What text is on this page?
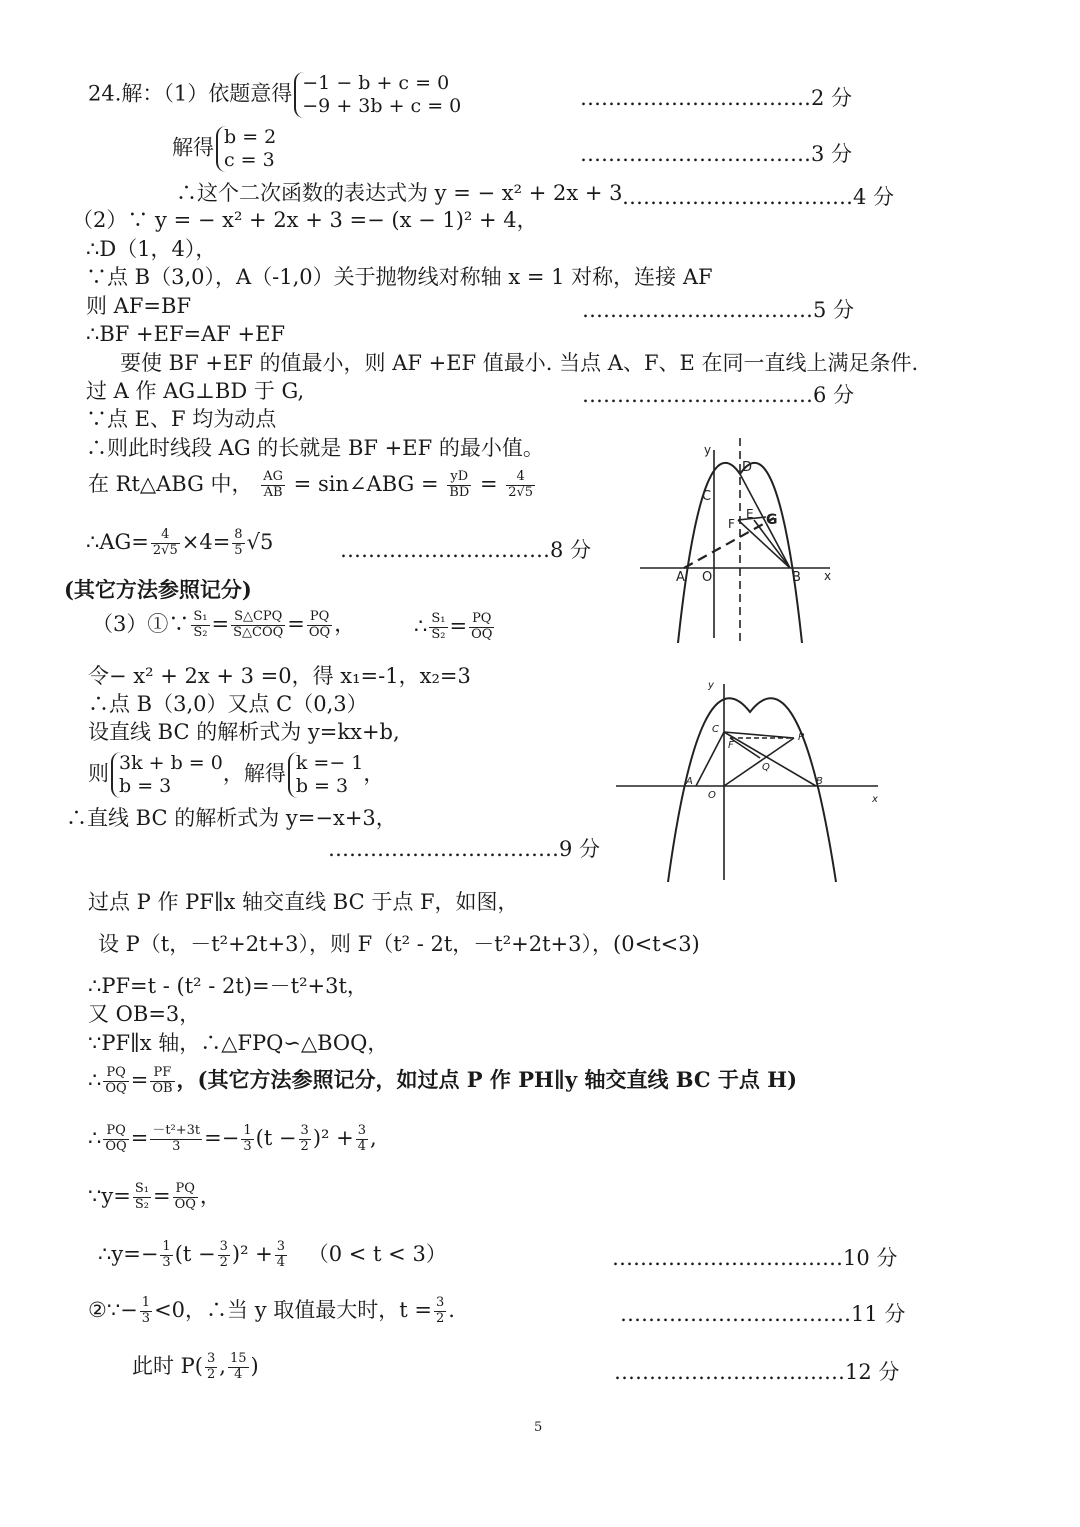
24.解：（1）依题意得 −1 − b + c = 0
−9 + 3b + c = 0	……………………………2 分
解得 b = 2
c = 3	……………………………3 分
∴这个二次函数的表达式为 y = − x² + 2x + 3 ……………………………4 分
（2）∵ y = − x² + 2x + 3 =− (x − 1)² + 4，
∴D（1，4），
∵点 B（3,0），A（-1,0）关于抛物线对称轴 x = 1 对称，连接 AF
则 AF=BF	……………………………5 分
∴BF +EF=AF +EF
要使 BF +EF 的值最小，则 AF +EF 值最小. 当点 A、F、E 在同一直线上满足条件.
过 A 作 AG⊥BD 于 G,	……………………………6 分
∵点 E、F 均为动点
∴则此时线段 AG 的长就是 BF +EF 的最小值。
在 Rt△ABG 中， $\frac{AG}{AB}$ = sin∠ABG = $\frac{yD}{BD} = \frac{4}{2√5}$
∴AG= $\frac{4}{2√5} \times 4= \frac{8}{5} √5$	…………………………8 分
(其它方法参照记分)
（3）①∵ $\frac{\text{S₁}}{\text{S₂}} = \frac{\text{S△CPQ}}{\text{S△COQ}} = \frac{PQ}{OQ}$ ，	∴ $\frac{\text{S₁}}{\text{S₂}} = \frac{PQ}{OQ}$
令− x² + 2x + 3 =0，得 x₁=-1，x₂=3
∴点 B（3,0）又点 C（0,3）
设直线 BC 的解析式为 y=kx+b,
则 3k + b = 0
b = 3
，解得 k =− 1
b = 3
，
∴直线 BC 的解析式为 y=−x+3，
……………………………9 分
过点 P 作 PF∥x 轴交直线 BC 于点 F，如图，
设 P（t，－t²+2t+3），则 F（t² - 2t，－t²+2t+3），(0<t<3)
∴PF=t - (t² - 2t)=－t²+3t，
又 OB=3，
∵PF∥x 轴，∴△FPQ∽△BOQ，
∴ $\frac{PQ}{OQ} = \frac{PF}{OB}$ ，(其它方法参照记分，如过点 P 作 PH∥y 轴交直线 BC 于点 H)
∴ $\frac{PQ}{OQ} = \frac{\text{－t²+3t}}{3} =- \frac{1}{3} (t - \frac{3}{2} )^2 + \frac{3}{4}$ ,
∵y= $\frac{\text{S₁}}{\text{S₂}} = \frac{PQ}{OQ}$ ，
∴y=− $\frac{1}{3} (t - \frac{3}{2} )^2 + \frac{3}{4} (0 < t < 3)$	……………………………10 分
②∵− $\frac{1}{3} <0$，∴当 y 取值最大时，$t = \frac{3}{2}$ .	……………………………11 分
此时 $P( \frac{3}{2}$ , $\frac{15}{4}$ )	……………………………12 分
5
y
x
D
C
E
F G
A O	B
y
x
C
F
P
Q
A
O
B
